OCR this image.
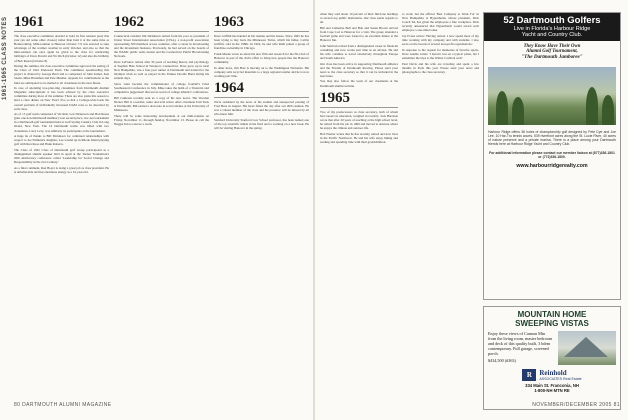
1961-1965 CLASS NOTES 1961

The class executive committee decided to hold its first reunion party this year (an old some other classes) rather than hold it at the same time as Homecoming. Mini-reunion at Hanover October 7-9 was selected to take advantage of the warmer weather in early October, and also so that the mini-reunion can once again be given to the class for celebrating birthdays of Dave Prewitt and Vic Rich (October 12) and also the birthday of Bob Rosen (October 8).

During the summer, the class executive committee approved the setting of the Class of 1961 Endowed Fund. The committee spearheading this project is chaired by George Brett and is comprised of John Zemel, Ken Steele, Mike Houlahan and Pete Mueller. Appeals for contributions to the fund are anticipated to be mailed to all classmates in the near future.

In case of attending tree-plan-ting classmates from Dartmouth Alumni Magazine subscriptions it has been advised by the class executive committee during most of the summer. There are also plans this season to hold a class dinner on New Year's Eve so that a College-wide basis the overall problem of individually increased DAM costs to be absorbed by each class.

As of 15 golf team comprised of We Roh, Len Dickerson and Bob Reese (plus one non-Dartmouth member) won second place, low-net tournament in a Dartmouth golf tournament held at Golf Spring Country Club in Long Island, New York. The 16 Dartmouth teams was billed with two classmates, Larry Levy, was similarly its participants at the tournament.

A huge lie of thanks to Bill Dickinson for continued relationships with respect to Joe Edmund's daughter, Lee wound up in Rhode Island playing golf with Ron Rose and Hank Roberts.

The Class of 1961 Class of Dartmouth golf Group participated as a distinguished alumni speaker held in April at the Tucker Foundation's 20th anniversary conference called 'Leadership for Social Change and Responsibility in the 21st Century.'

As a final comment, Ron Boyer is doing a great job as class president. He is unbelievable and has enormous energy as a 61-year-old.

1962

Connecticut resident Jim Dickinson retired from his post as president of Union Street International Association (CISA), a non-profit association representing 500 members across countries, after a career in broadcasting and the investment business. Previously, he had served on the boards of the WAMC public radio station and the Connecticut Public Broadcasting Network.

Dave LaFrance retired after 30 years of teaching history and psychology at Stephen Hale School in Westport, Connecticut. Dave grew up in rural New Hampshire, was a four-year runner at Dartmouth and trained for the Olympic trials as well as played in the Yankee Doodle Band during his student days.

Steve Glen became the commissioner of college football's Ivied Southeastern Conference in July. Mike takes the helm of a 'financial and competitive juggernaut' that serves seven of college athletics' conferences.

Bill Cameron recently sent us a copy of his new novel, The Wooden Nickel. Bill is a teacher, sailor and avid writer. After classmate Tom Tuck at Dartmouth, Bill earned a doctorate in social studies at the University of Minnesota.

There will be some interesting development at our mini-reunion on Friday, November 11, through Sunday, November 13. Please do call the Nugget Inn to reserve a room.

1963

Dave Griffith has handed in his resume and his house. Since 1965 he has been trying to buy back the Minnesota Twins, which his father, Calvin Griffith, sold in the 1980s. In 1962, he and wife Ruth joined a group of franchise ownership in Chicago.

Frank Meeks wrote us about his new film and research for the Ho Club of Hanover as part of the club's effort to bring new people into the Hanover community.

In other news, Jim Hart is moving on to the Washington Nationals. His company sells recycled materials to a large regional retailer and he is now working part time.

1964

We're saddened by the news of the sudden and unexpected passing of Fred Hess in August. His heart failed the day after our 40th reunion. He was a valued member of the class and his presence will be missed by all who knew him.

Stanford University Stanford Law School professor, has been named one of the top scientific minds in his field and is working on a new book. He will be visiting Hanover in the spring.

when they sold about 10 percent of their ImClone holdings to several top public institutions. Our class sends regards to all.

Bill and Catherine Bell and Bob and Susan Brown arrived from Cape Cod to Hanover for a visit. The group attended a football game and were treated to an excellent dinner at the Hanover Inn.

John Sullivan retired from a distinguished career in financial consulting and now works part time as an advisor. He and his wife continue to travel extensively throughout Europe and South America.

Our class has been active in supporting Dartmouth athletics and the Friends of Dartmouth Rowing. Please send your news to the class secretary so that it can be included in the next issue.

You may also follow the work of our classmates at the Dartmouth alumni website.

1965

Two of my predecessors as class secretary, both of whom had careers in education, weighed in recently. Jack Harrison wrote that after 20 years of teaching at the high school level, he retired from his job in 1999 and moved to Arizona where he enjoys the climate and outdoor life.

Bob Warner writes that he has recently retired and now lives in the Pacific Northwest. He and his wife enjoy hiking and reading and spending time with their grandchildren.

to work, but the official 'Best Company to Work For' in New Hampshire is Hypertherm, whose president, Dick Couch '64, has given the employees a fine workplace. Dick recently announced that Hypertherm would award each employee a one-time bonus.

Jay Evans writes: 'Having retired, I now spend most of my time working with my company and with students. I also serve on the boards of several non-profit organizations.'

In response to the request for memories of favorite sports, Dave Adams writes: 'I haven't lost on a typical plane, but I remember the trips to the Winter Carnival well.'

Paul Davis and his wife are traveling and spent a few months in Paris this year. Please send your news and photographs to the class secretary.

52 Dartmouth Golfers
Live in Florida's Harbour Ridge
Yacht and Country Club.
They Know Have Their Own
Alumni Golf Tournament,
"The Dartmouth Jamboree"
Harbour Ridge offers 36 holes of championship golf designed by Pete Dye and Joe Lee, 10 Har-Tru tennis courts, 539 riverfront acres along the St. Lucie River, 40 acres of nature preserve and a private marina. There is a place among your Dartmouth friends here at Harbour Ridge Yacht and Country Club.
For additional information please contact our member liaison at (877)336-1801 or (772)336-1800.
www.harbourridgerealty.com
MOUNTAIN HOME
SWEEPING VISTAS
Enjoy these views of Cannon Mtn from the living room, master bedroom and deck of this quality built, 3 bdrm contemporary. Full garage, screened porch.
$434,500 (#363)
R	Reinhold
ASSOCIATES Real Estate
334 Main St. Franconia, NH
1-800-NH MTN RE
80 DARTMOUTH ALUMNI MAGAZINE	NOVEMBER/DECEMBER 2005 81
